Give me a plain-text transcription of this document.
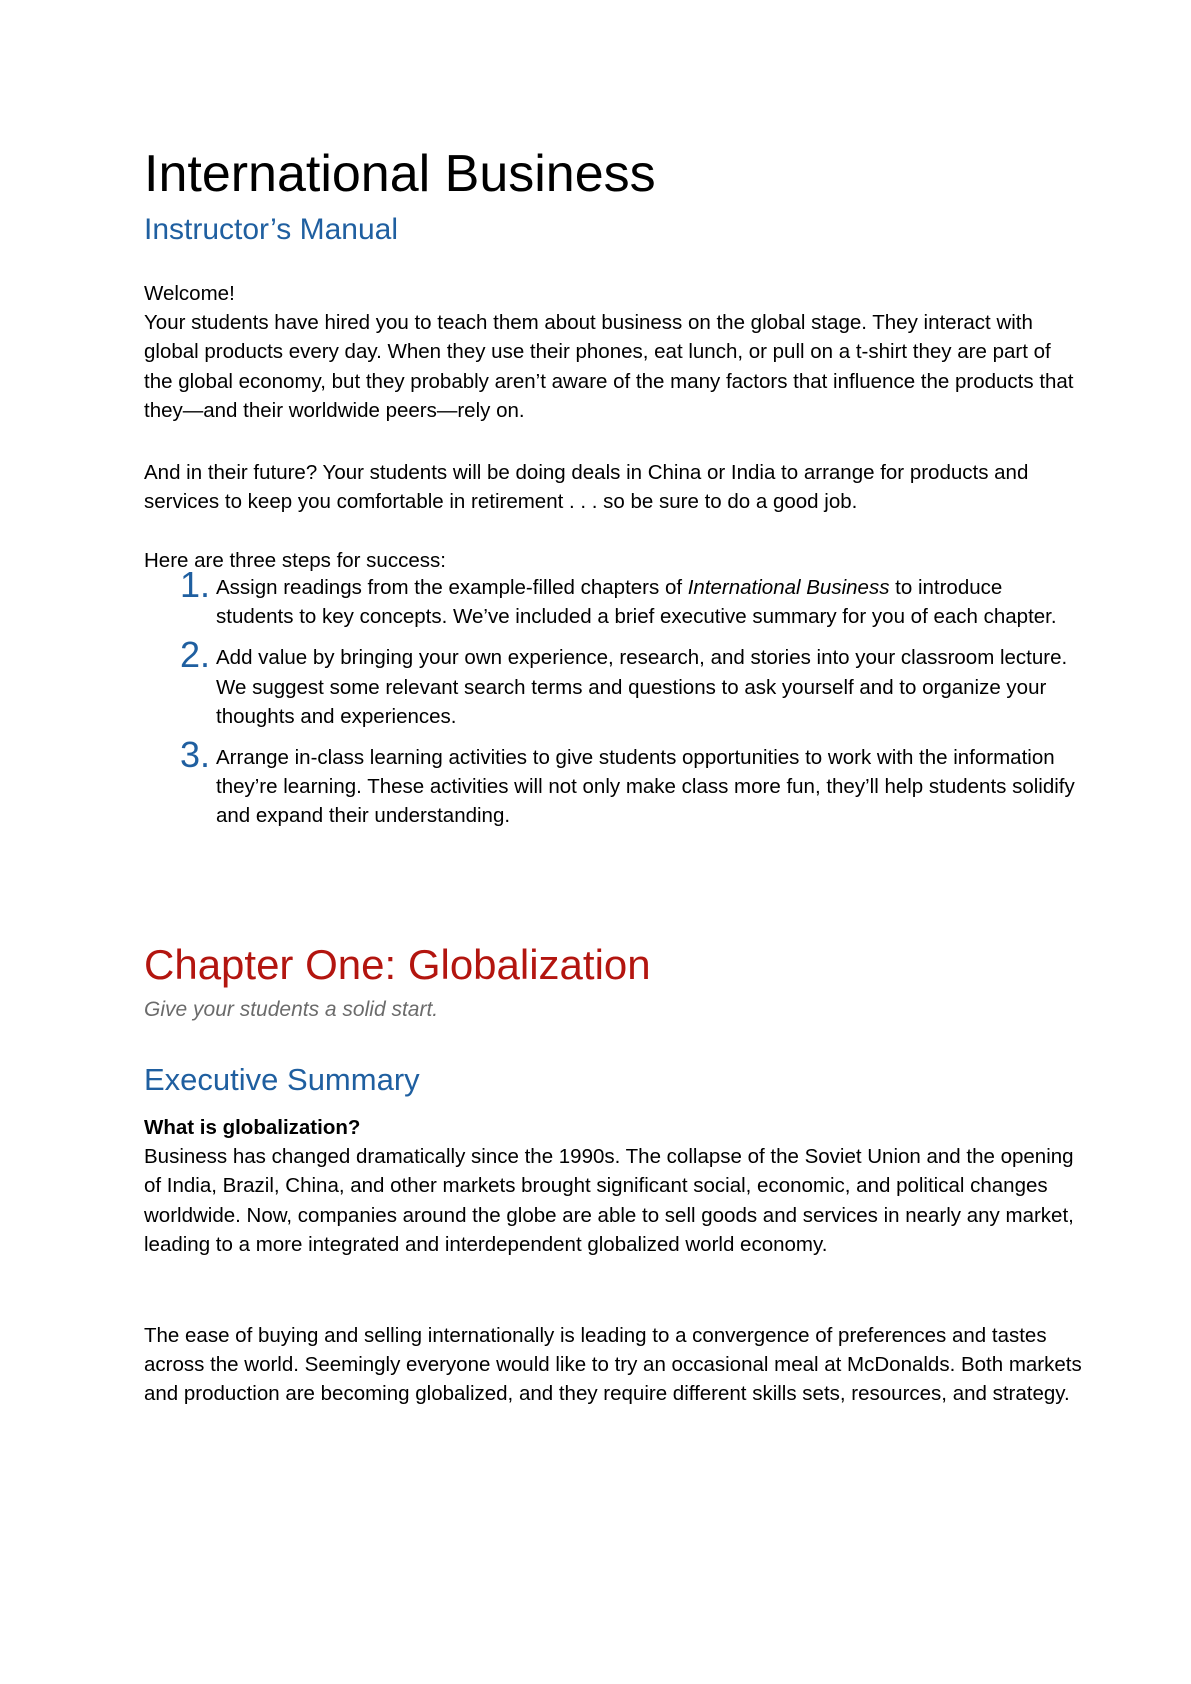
International Business
Instructor’s Manual

Welcome!

Your students have hired you to teach them about business on the global stage. They interact with global products every day. When they use their phones, eat lunch, or pull on a t-shirt they are part of the global economy, but they probably aren’t aware of the many factors that influence the products that they—and their worldwide peers—rely on.

And in their future? Your students will be doing deals in China or India to arrange for products and services to keep you comfortable in retirement . . . so be sure to do a good job.

Here are three steps for success:

1. Assign readings from the example-filled chapters of International Business to introduce students to key concepts. We’ve included a brief executive summary for you of each chapter.

2. Add value by bringing your own experience, research, and stories into your classroom lecture. We suggest some relevant search terms and questions to ask yourself and to organize your thoughts and experiences.

3. Arrange in-class learning activities to give students opportunities to work with the information they’re learning. These activities will not only make class more fun, they’ll help students solidify and expand their understanding.

Chapter One: Globalization

Give your students a solid start.

Executive Summary

What is globalization?

Business has changed dramatically since the 1990s. The collapse of the Soviet Union and the opening of India, Brazil, China, and other markets brought significant social, economic, and political changes worldwide. Now, companies around the globe are able to sell goods and services in nearly any market, leading to a more integrated and interdependent globalized world economy.

The ease of buying and selling internationally is leading to a convergence of preferences and tastes across the world. Seemingly everyone would like to try an occasional meal at McDonalds. Both markets and production are becoming globalized, and they require different skills sets, resources, and strategy.
